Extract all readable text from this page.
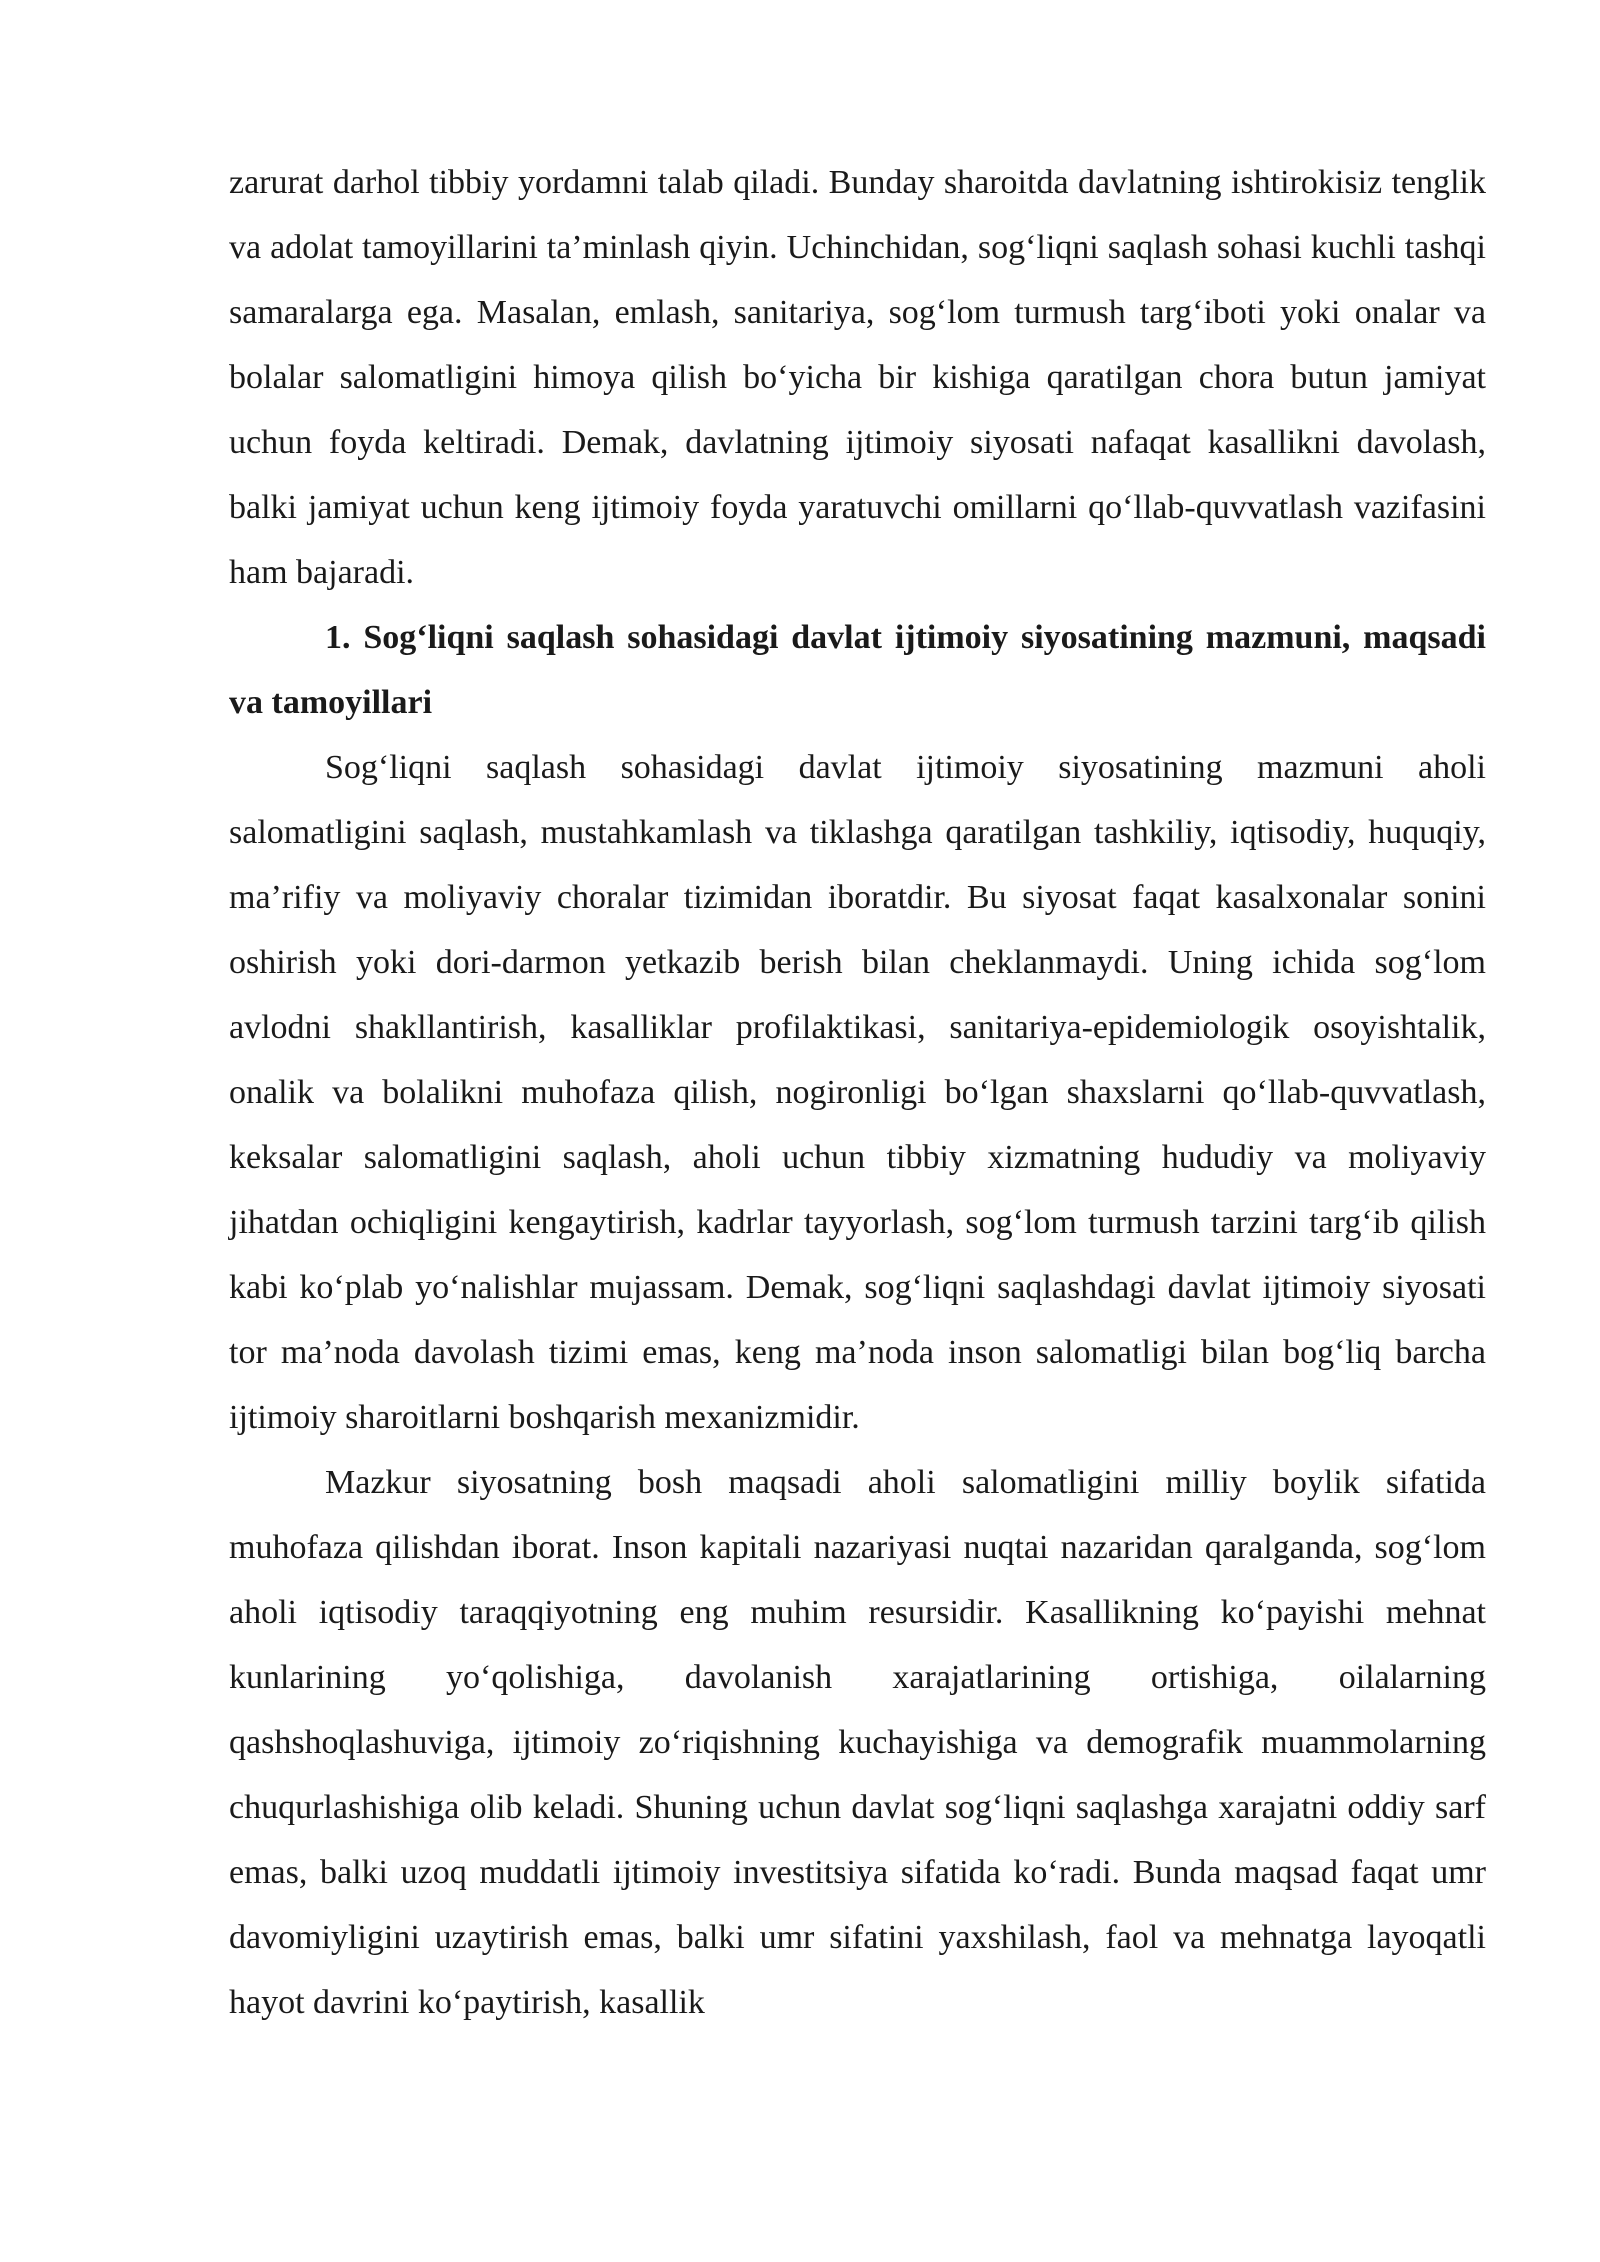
zarurat darhol tibbiy yordamni talab qiladi. Bunday sharoitda davlatning ishtirokisiz tenglik va adolat tamoyillarini ta’minlash qiyin. Uchinchidan, sog‘liqni saqlash sohasi kuchli tashqi samaralarga ega. Masalan, emlash, sanitariya, sog‘lom turmush targ‘iboti yoki onalar va bolalar salomatligini himoya qilish bo‘yicha bir kishiga qaratilgan chora butun jamiyat uchun foyda keltiradi. Demak, davlatning ijtimoiy siyosati nafaqat kasallikni davolash, balki jamiyat uchun keng ijtimoiy foyda yaratuvchi omillarni qo‘llab-quvvatlash vazifasini ham bajaradi.

1. Sog‘liqni saqlash sohasidagi davlat ijtimoiy siyosatining mazmuni, maqsadi va tamoyillari

Sog‘liqni saqlash sohasidagi davlat ijtimoiy siyosatining mazmuni aholi salomatligini saqlash, mustahkamlash va tiklashga qaratilgan tashkiliy, iqtisodiy, huquqiy, ma’rifiy va moliyaviy choralar tizimidan iboratdir. Bu siyosat faqat kasalxonalar sonini oshirish yoki dori-darmon yetkazib berish bilan cheklanmaydi. Uning ichida sog‘lom avlodni shakllantirish, kasalliklar profilaktikasi, sanitariya-epidemiologik osoyishtalik, onalik va bolalikni muhofaza qilish, nogironligi bo‘lgan shaxslarni qo‘llab-quvvatlash, keksalar salomatligini saqlash, aholi uchun tibbiy xizmatning hududiy va moliyaviy jihatdan ochiqligini kengaytirish, kadrlar tayyorlash, sog‘lom turmush tarzini targ‘ib qilish kabi ko‘plab yo‘nalishlar mujassam. Demak, sog‘liqni saqlashdagi davlat ijtimoiy siyosati tor ma’noda davolash tizimi emas, keng ma’noda inson salomatligi bilan bog‘liq barcha ijtimoiy sharoitlarni boshqarish mexanizmidir.

Mazkur siyosatning bosh maqsadi aholi salomatligini milliy boylik sifatida muhofaza qilishdan iborat. Inson kapitali nazariyasi nuqtai nazaridan qaralganda, sog‘lom aholi iqtisodiy taraqqiyotning eng muhim resursidir. Kasallikning ko‘payishi mehnat kunlarining yo‘qolishiga, davolanish xarajatlarining ortishiga, oilalarning qashshoqlashuviga, ijtimoiy zo‘riqishning kuchayishiga va demografik muammolarning chuqurlashishiga olib keladi. Shuning uchun davlat sog‘liqni saqlashga xarajatni oddiy sarf emas, balki uzoq muddatli ijtimoiy investitsiya sifatida ko‘radi. Bunda maqsad faqat umr davomiyligini uzaytirish emas, balki umr sifatini yaxshilash, faol va mehnatga layoqatli hayot davrini ko‘paytirish, kasallik
